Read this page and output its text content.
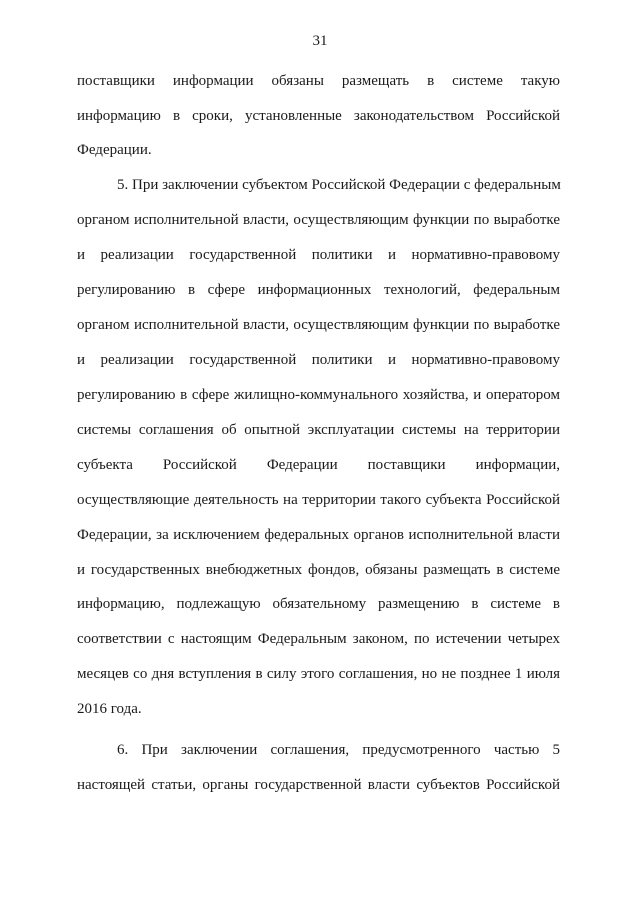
31
поставщики информации обязаны размещать в системе такую
информацию в сроки, установленные законодательством Российской
Федерации.
5. При заключении субъектом Российской Федерации с федеральным
органом исполнительной власти, осуществляющим функции по выработке
и реализации государственной политики и нормативно-правовому
регулированию в сфере информационных технологий, федеральным
органом исполнительной власти, осуществляющим функции по выработке
и реализации государственной политики и нормативно-правовому
регулированию в сфере жилищно-коммунального хозяйства, и оператором
системы соглашения об опытной эксплуатации системы на территории
субъекта Российской Федерации поставщики информации,
осуществляющие деятельность на территории такого субъекта Российской
Федерации, за исключением федеральных органов исполнительной власти
и государственных внебюджетных фондов, обязаны размещать в системе
информацию, подлежащую обязательному размещению в системе в
соответствии с настоящим Федеральным законом, по истечении четырех
месяцев со дня вступления в силу этого соглашения, но не позднее 1 июля
2016 года.
6. При заключении соглашения, предусмотренного частью 5
настоящей статьи, органы государственной власти субъектов Российской
